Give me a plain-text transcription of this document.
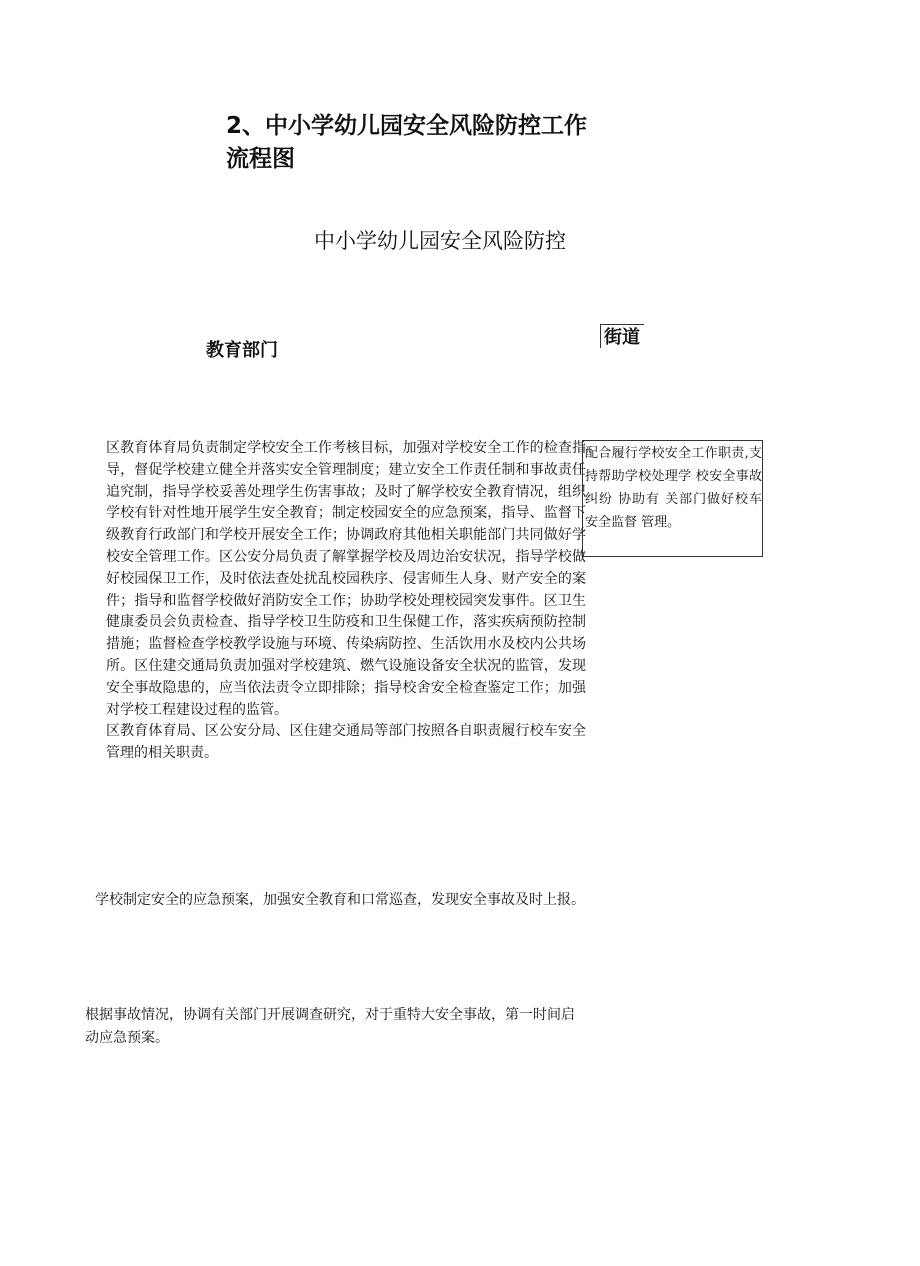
2、中小学幼儿园安全风险防控工作流程图
中小学幼儿园安全风险防控
教育部门
街道

区教育体育局负责制定学校安全工作考核目标，加强对学校安全工作的检查指导，督促学校建立健全并落实安全管理制度；建立安全工作责任制和事故责任追究制，指导学校妥善处理学生伤害事故；及时了解学校安全教育情况，组织学校有针对性地开展学生安全教育；制定校园安全的应急预案，指导、监督下级教育行政部门和学校开展安全工作；协调政府其他相关职能部门共同做好学校安全管理工作。区公安分局负责了解掌握学校及周边治安状况，指导学校做好校园保卫工作，及时依法查处扰乱校园秩序、侵害师生人身、财产安全的案件；指导和监督学校做好消防安全工作；协助学校处理校园突发事件。区卫生健康委员会负责检查、指导学校卫生防疫和卫生保健工作，落实疾病预防控制措施；监督检查学校教学设施与环境、传染病防控、生活饮用水及校内公共场所。区住建交通局负责加强对学校建筑、燃气设施设备安全状况的监管，发现安全事故隐患的，应当依法责令立即排除；指导校舍安全检查鉴定工作；加强对学校工程建设过程的监管。

区教育体育局、区公安分局、区住建交通局等部门按照各自职责履行校车安全管理的相关职责。

配合履行学校安全工作职责,支持帮助学校处理学 校安全事故纠纷 协助有 关部门做好校车安全监督 管理。
学校制定安全的应急预案，加强安全教育和口常巡查，发现安全事故及时上报。
根据事故情况，协调有关部门开展调查研究，对于重特大安全事故，第一时间启动应急预案。
